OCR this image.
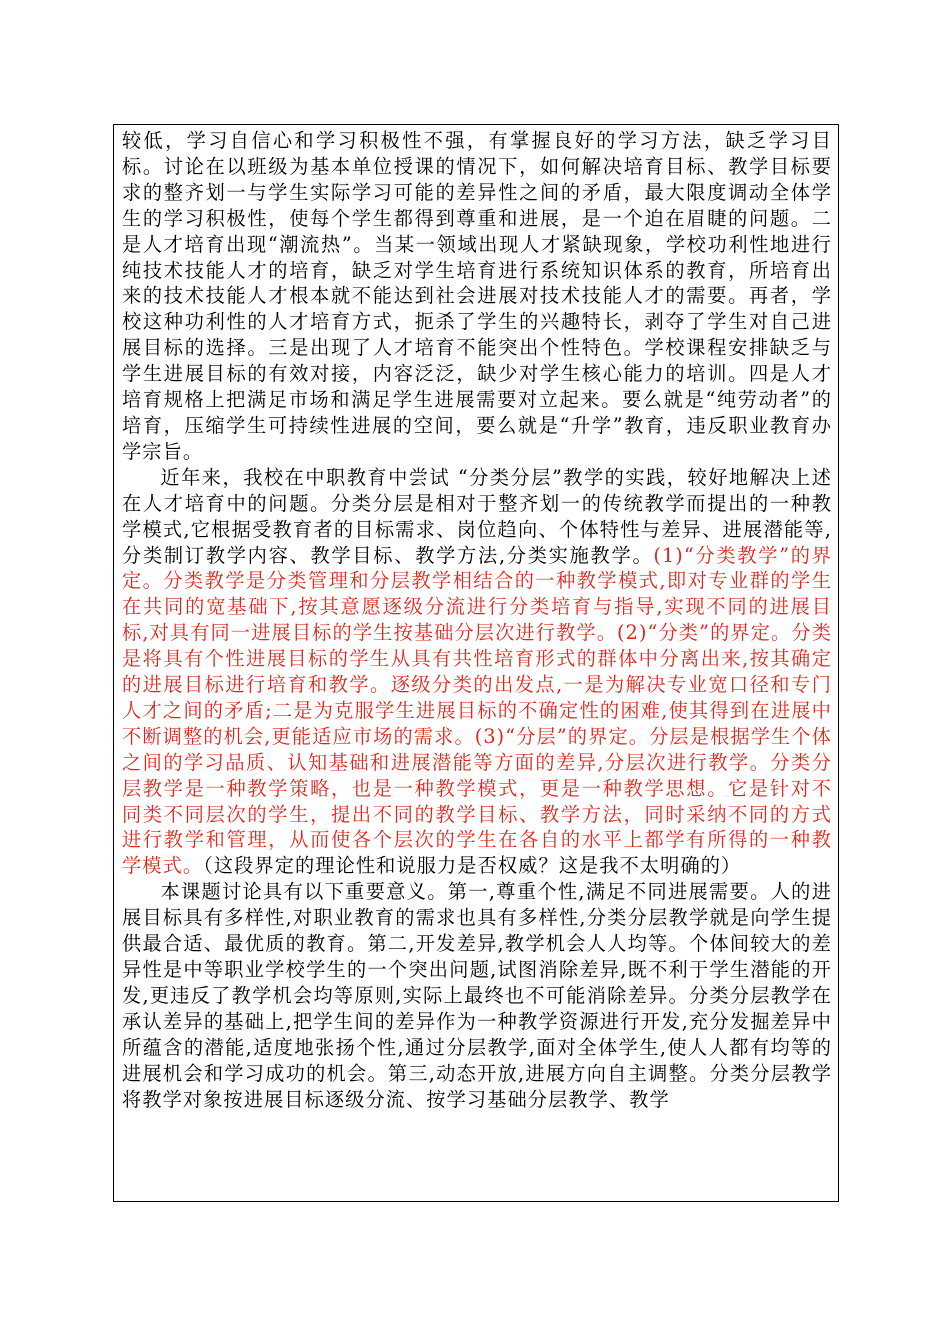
较低，学习自信心和学习积极性不强，有掌握良好的学习方法，缺乏学习目标。讨论在以班级为基本单位授课的情况下，如何解决培育目标、教学目标要求的整齐划一与学生实际学习可能的差异性之间的矛盾，最大限度调动全体学生的学习积极性，使每个学生都得到尊重和进展，是一个迫在眉睫的问题。二是人才培育出现“潮流热”。当某一领域出现人才紧缺现象，学校功利性地进行纯技术技能人才的培育，缺乏对学生培育进行系统知识体系的教育，所培育出来的技术技能人才根本就不能达到社会进展对技术技能人才的需要。再者，学校这种功利性的人才培育方式，扼杀了学生的兴趣特长，剥夺了学生对自己进展目标的选择。三是出现了人才培育不能突出个性特色。学校课程安排缺乏与学生进展目标的有效对接，内容泛泛，缺少对学生核心能力的培训。四是人才培育规格上把满足市场和满足学生进展需要对立起来。要么就是“纯劳动者”的培育，压缩学生可持续性进展的空间，要么就是“升学”教育，违反职业教育办学宗旨。

近年来，我校在中职教育中尝试 “分类分层”教学的实践，较好地解决上述在人才培育中的问题。分类分层是相对于整齐划一的传统教学而提出的一种教学模式,它根据受教育者的目标需求、岗位趋向、个体特性与差异、进展潜能等,分类制订教学内容、教学目标、教学方法,分类实施教学。(1)“分类教学”的界定。分类教学是分类管理和分层教学相结合的一种教学模式,即对专业群的学生在共同的宽基础下,按其意愿逐级分流进行分类培育与指导,实现不同的进展目标,对具有同一进展目标的学生按基础分层次进行教学。(2)“分类”的界定。分类是将具有个性进展目标的学生从具有共性培育形式的群体中分离出来,按其确定的进展目标进行培育和教学。逐级分类的出发点,一是为解决专业宽口径和专门人才之间的矛盾;二是为克服学生进展目标的不确定性的困难,使其得到在进展中不断调整的机会,更能适应市场的需求。(3)“分层”的界定。分层是根据学生个体之间的学习品质、认知基础和进展潜能等方面的差异,分层次进行教学。分类分层教学是一种教学策略，也是一种教学模式，更是一种教学思想。它是针对不同类不同层次的学生，提出不同的教学目标、教学方法，同时采纳不同的方式进行教学和管理，从而使各个层次的学生在各自的水平上都学有所得的一种教学模式。（这段界定的理论性和说服力是否权威？这是我不太明确的）

本课题讨论具有以下重要意义。第一,尊重个性,满足不同进展需要。人的进展目标具有多样性,对职业教育的需求也具有多样性,分类分层教学就是向学生提供最合适、最优质的教育。第二,开发差异,教学机会人人均等。个体间较大的差异性是中等职业学校学生的一个突出问题,试图消除差异,既不利于学生潜能的开发,更违反了教学机会均等原则,实际上最终也不可能消除差异。分类分层教学在承认差异的基础上,把学生间的差异作为一种教学资源进行开发,充分发掘差异中所蕴含的潜能,适度地张扬个性,通过分层教学,面对全体学生,使人人都有均等的进展机会和学习成功的机会。第三,动态开放,进展方向自主调整。分类分层教学将教学对象按进展目标逐级分流、按学习基础分层教学、教学
